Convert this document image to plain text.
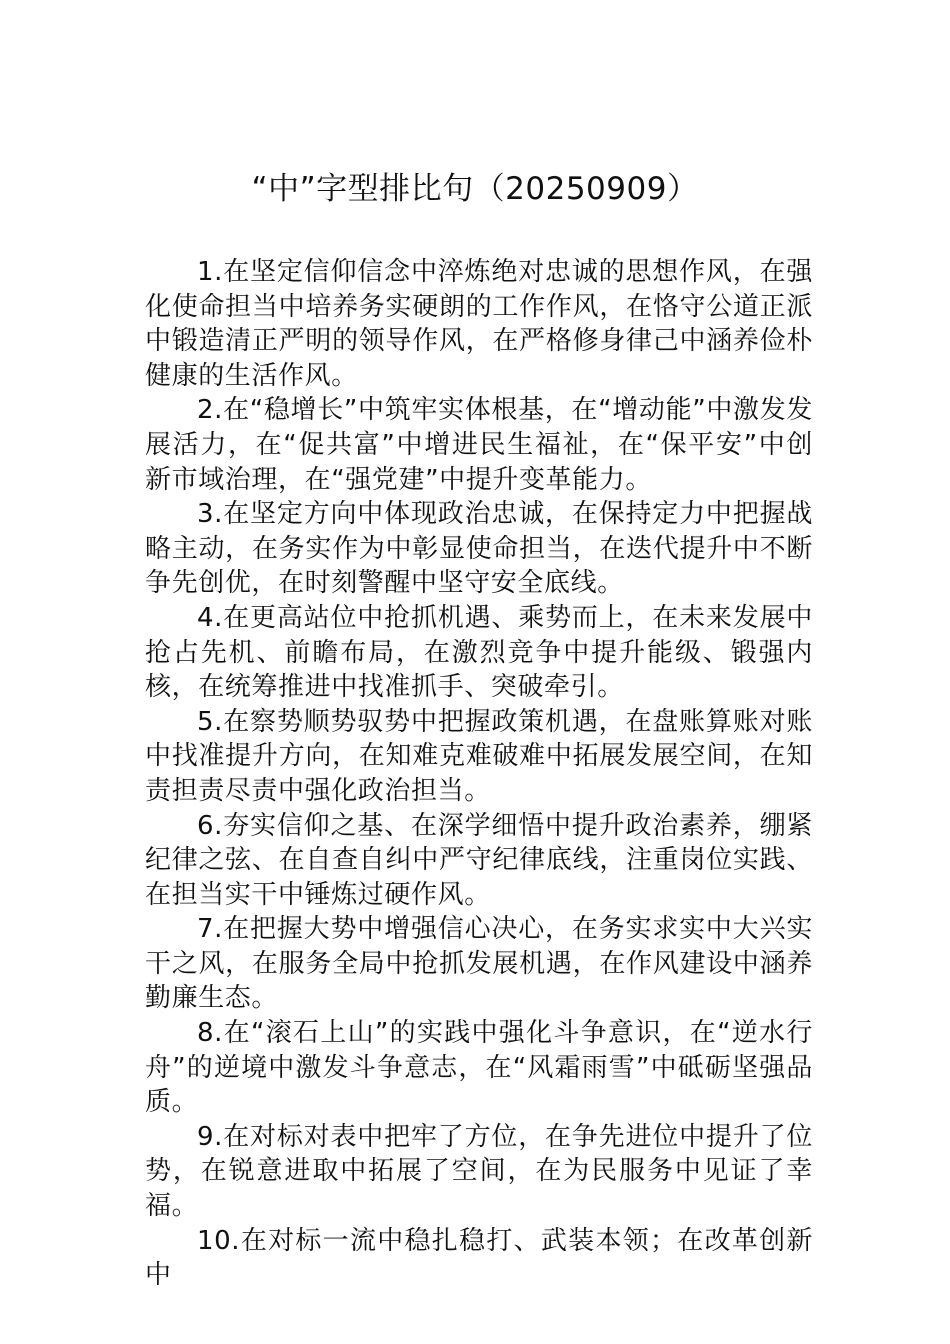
“中”字型排比句（20250909）

1.在坚定信仰信念中淬炼绝对忠诚的思想作风，在强化使命担当中培养务实硬朗的工作作风，在恪守公道正派中锻造清正严明的领导作风，在严格修身律己中涵养俭朴健康的生活作风。

2.在“稳增长”中筑牢实体根基，在“增动能”中激发发展活力，在“促共富”中增进民生福祉，在“保平安”中创新市域治理，在“强党建”中提升变革能力。

3.在坚定方向中体现政治忠诚，在保持定力中把握战略主动，在务实作为中彰显使命担当，在迭代提升中不断争先创优，在时刻警醒中坚守安全底线。

4.在更高站位中抢抓机遇、乘势而上，在未来发展中抢占先机、前瞻布局，在激烈竞争中提升能级、锻强内核，在统筹推进中找准抓手、突破牵引。

5.在察势顺势驭势中把握政策机遇，在盘账算账对账中找准提升方向，在知难克难破难中拓展发展空间，在知责担责尽责中强化政治担当。

6.夯实信仰之基、在深学细悟中提升政治素养，绷紧纪律之弦、在自查自纠中严守纪律底线，注重岗位实践、在担当实干中锤炼过硬作风。

7.在把握大势中增强信心决心，在务实求实中大兴实干之风，在服务全局中抢抓发展机遇，在作风建设中涵养勤廉生态。

8.在“滚石上山”的实践中强化斗争意识，在“逆水行舟”的逆境中激发斗争意志，在“风霜雨雪”中砥砺坚强品质。

9.在对标对表中把牢了方位，在争先进位中提升了位势，在锐意进取中拓展了空间，在为民服务中见证了幸福。

10.在对标一流中稳扎稳打、武装本领；在改革创新中
